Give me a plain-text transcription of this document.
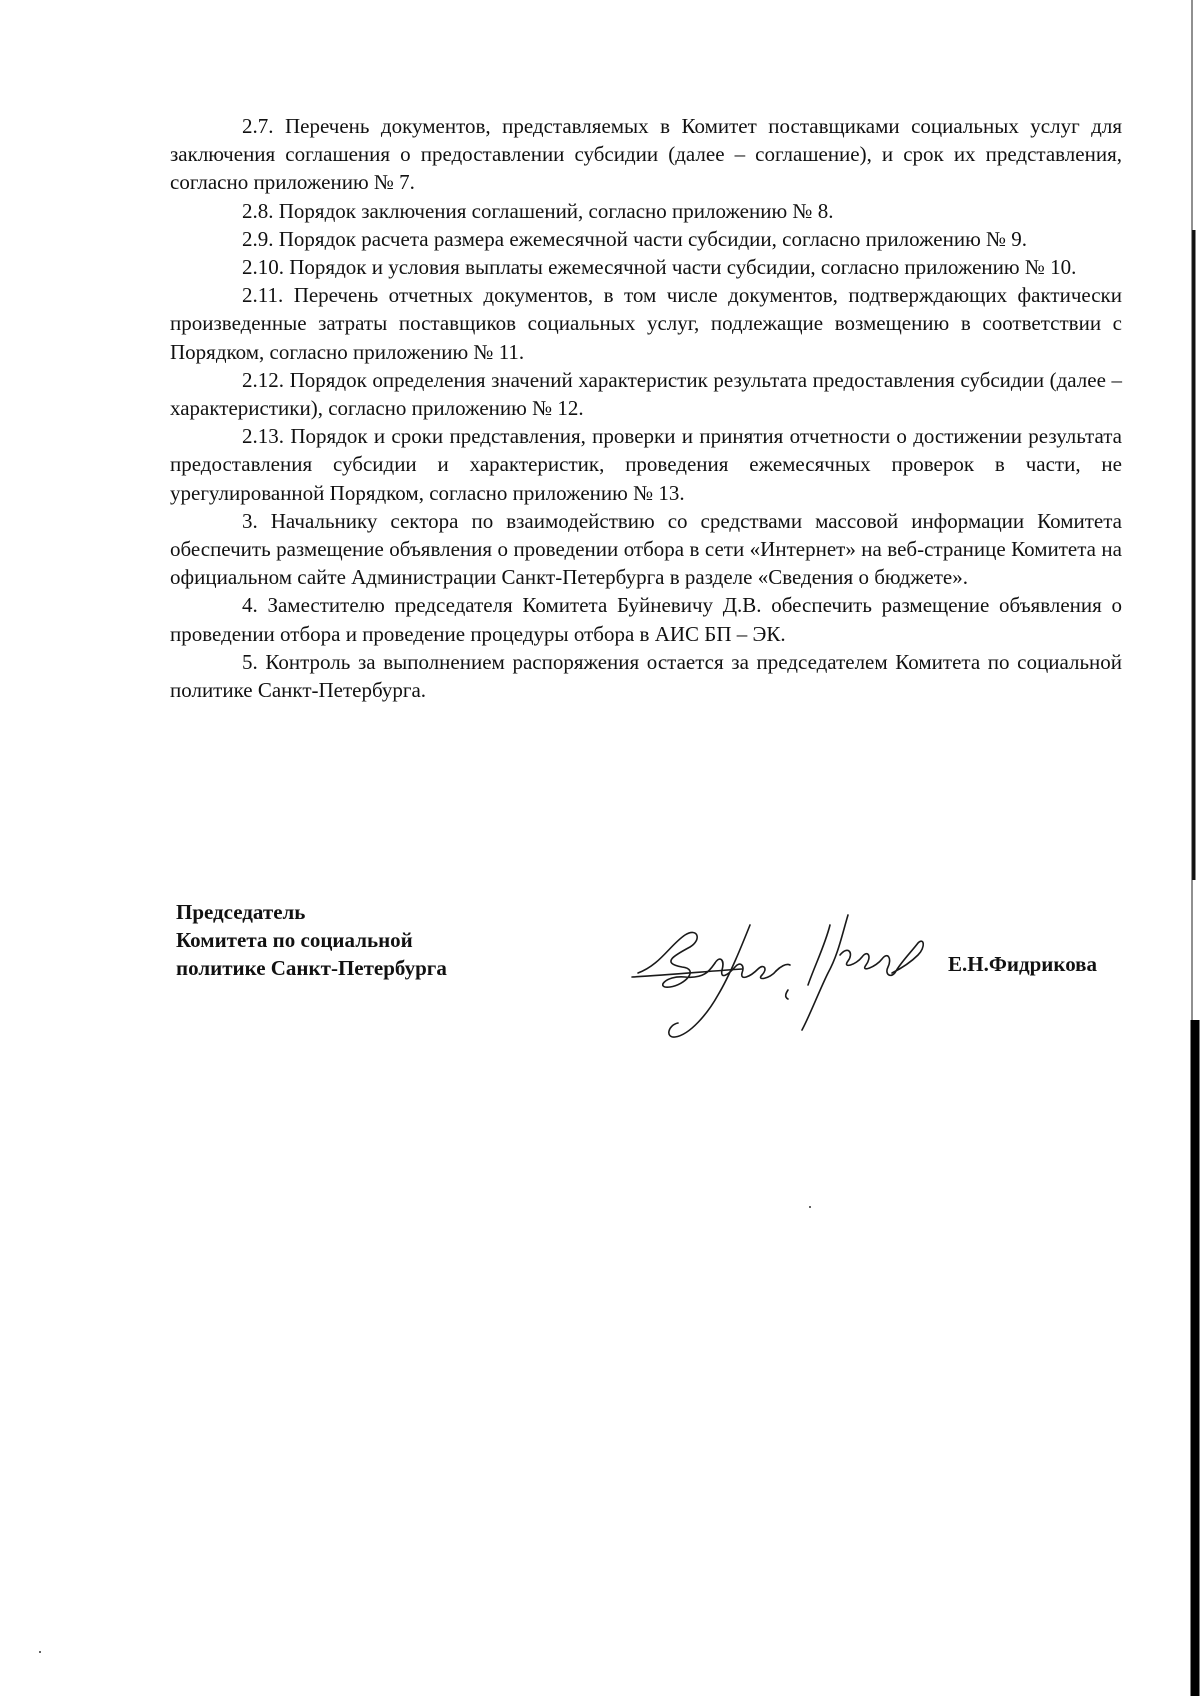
2.7. Перечень документов, представляемых в Комитет поставщиками социальных услуг для заключения соглашения о предоставлении субсидии (далее – соглашение), и срок их представления, согласно приложению № 7.

2.8. Порядок заключения соглашений, согласно приложению № 8.

2.9. Порядок расчета размера ежемесячной части субсидии, согласно приложению № 9.

2.10. Порядок и условия выплаты ежемесячной части субсидии, согласно приложению № 10.

2.11. Перечень отчетных документов, в том числе документов, подтверждающих фактически произведенные затраты поставщиков социальных услуг, подлежащие возмещению в соответствии с Порядком, согласно приложению № 11.

2.12. Порядок определения значений характеристик результата предоставления субсидии (далее – характеристики), согласно приложению № 12.

2.13. Порядок и сроки представления, проверки и принятия отчетности о достижении результата предоставления субсидии и характеристик, проведения ежемесячных проверок в части, не урегулированной Порядком, согласно приложению № 13.

3. Начальнику сектора по взаимодействию со средствами массовой информации Комитета обеспечить размещение объявления о проведении отбора в сети «Интернет» на веб-странице Комитета на официальном сайте Администрации Санкт-Петербурга в разделе «Сведения о бюджете».

4. Заместителю председателя Комитета Буйневичу Д.В. обеспечить размещение объявления о проведении отбора и проведение процедуры отбора в АИС БП – ЭК.

5. Контроль за выполнением распоряжения остается за председателем Комитета по социальной политике Санкт-Петербурга.

Председатель
Комитета по социальной
политике Санкт-Петербурга	Е.Н.Фидрикова
